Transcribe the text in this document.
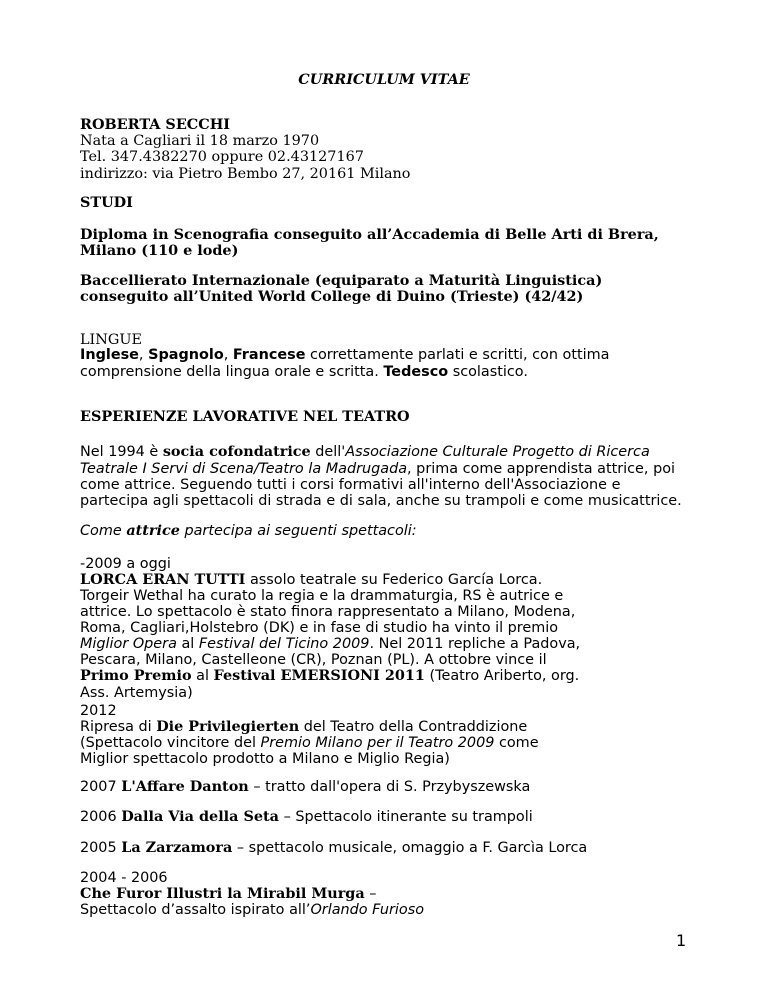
CURRICULUM VITAE
ROBERTA SECCHI
Nata a Cagliari il 18 marzo 1970
Tel. 347.4382270 oppure 02.43127167
indirizzo: via Pietro Bembo 27, 20161 Milano
STUDI
Diploma in Scenografia conseguito all’Accademia di Belle Arti di Brera,
Milano (110 e lode)
Baccellierato Internazionale (equiparato a Maturità Linguistica)
conseguito all’United World College di Duino (Trieste) (42/42)
LINGUE
Inglese, Spagnolo, Francese correttamente parlati e scritti, con ottima
comprensione della lingua orale e scritta. Tedesco scolastico.
ESPERIENZE LAVORATIVE NEL TEATRO
Nel 1994 è socia cofondatrice dell'Associazione Culturale Progetto di Ricerca
Teatrale I Servi di Scena/Teatro la Madrugada, prima come apprendista attrice, poi
come attrice. Seguendo tutti i corsi formativi all'interno dell'Associazione e
partecipa agli spettacoli di strada e di sala, anche su trampoli e come musicattrice.
Come attrice partecipa ai seguenti spettacoli:
-2009 a oggi
LORCA ERAN TUTTI assolo teatrale su Federico García Lorca.
Torgeir Wethal ha curato la regia e la drammaturgia, RS è autrice e
attrice. Lo spettacolo è stato finora rappresentato a Milano, Modena,
Roma, Cagliari,Holstebro (DK) e in fase di studio ha vinto il premio
Miglior Opera al Festival del Ticino 2009. Nel 2011 repliche a Padova,
Pescara, Milano, Castelleone (CR), Poznan (PL). A ottobre vince il
Primo Premio al Festival EMERSIONI 2011 (Teatro Ariberto, org.
Ass. Artemysia)
2012
Ripresa di Die Privilegierten del Teatro della Contraddizione
(Spettacolo vincitore del Premio Milano per il Teatro 2009 come
Miglior spettacolo prodotto a Milano e Miglio Regia)
2007 L'Affare Danton – tratto dall'opera di S. Przybyszewska
2006 Dalla Via della Seta – Spettacolo itinerante su trampoli
2005 La Zarzamora – spettacolo musicale, omaggio a F. Garcìa Lorca
2004 - 2006
Che Furor Illustri la Mirabil Murga –
Spettacolo d’assalto ispirato all’Orlando Furioso
1
